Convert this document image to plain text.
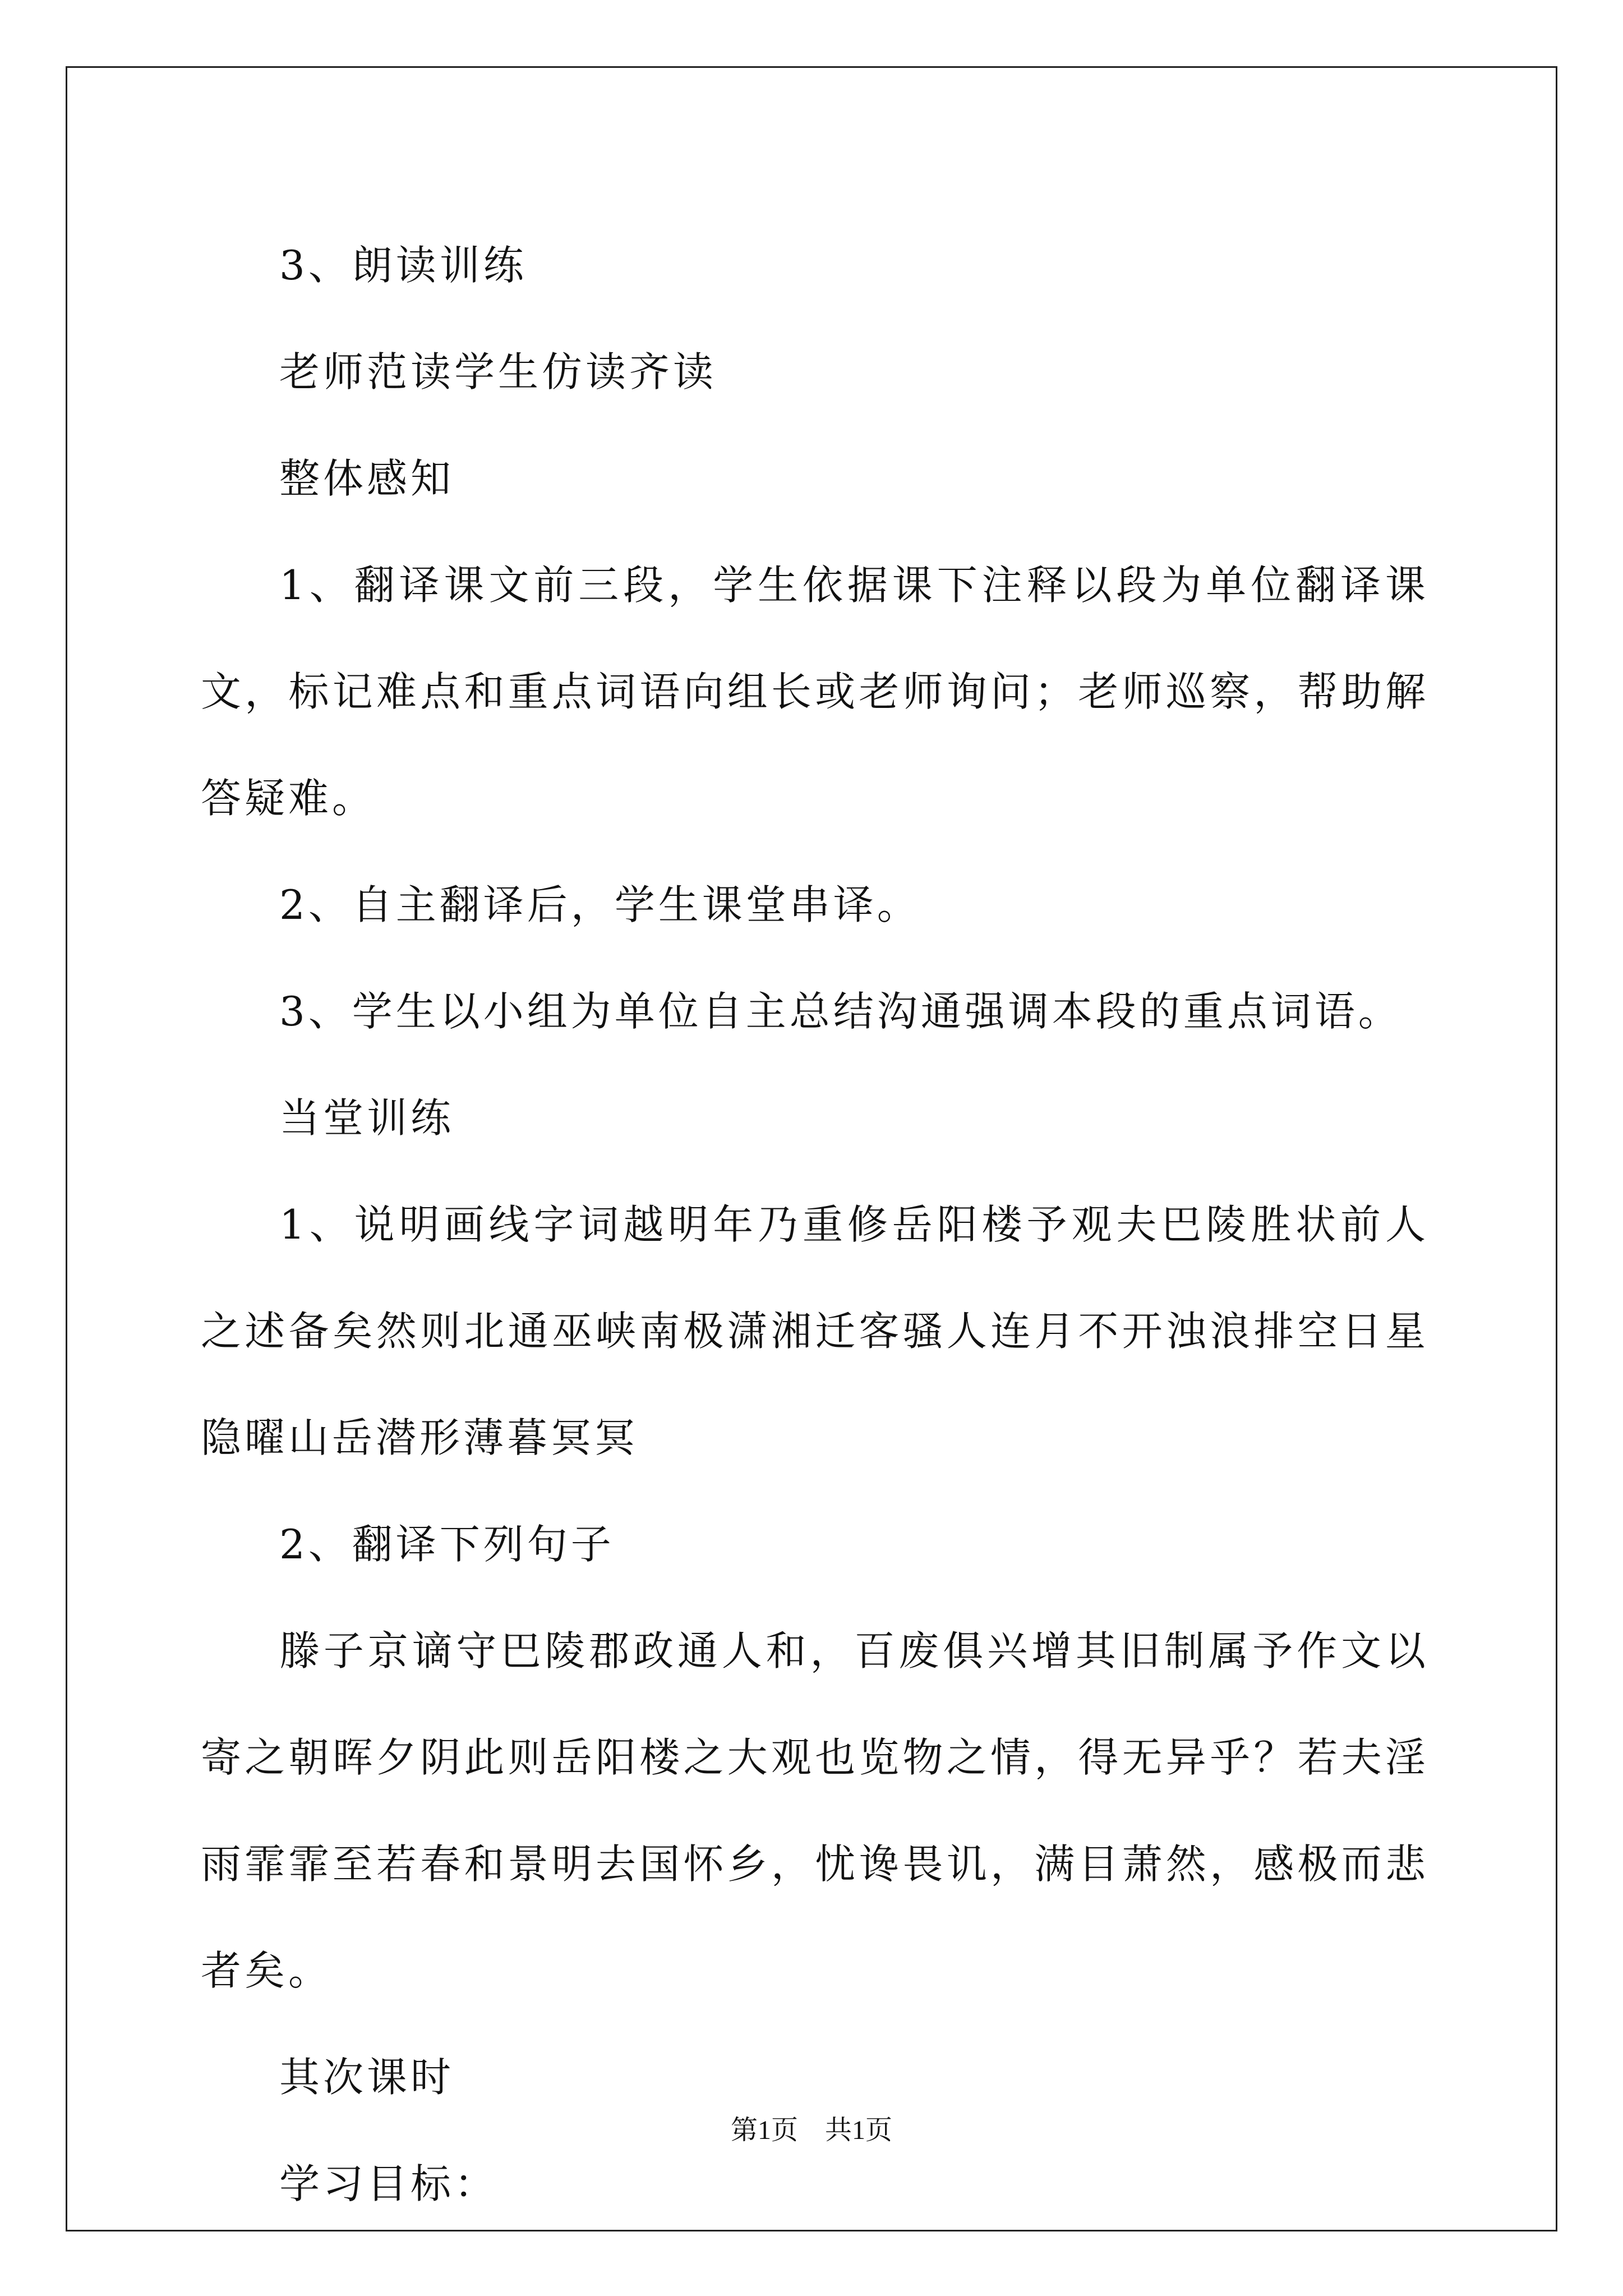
3、朗读训练

老师范读学生仿读齐读

整体感知

1、翻译课文前三段，学生依据课下注释以段为单位翻译课文，标记难点和重点词语向组长或老师询问；老师巡察，帮助解答疑难。

2、自主翻译后，学生课堂串译。

3、学生以小组为单位自主总结沟通强调本段的重点词语。

当堂训练

1、说明画线字词越明年乃重修岳阳楼予观夫巴陵胜状前人之述备矣然则北通巫峡南极潇湘迁客骚人连月不开浊浪排空日星隐曜山岳潜形薄暮冥冥

2、翻译下列句子

滕子京谪守巴陵郡政通人和，百废俱兴增其旧制属予作文以寄之朝晖夕阴此则岳阳楼之大观也览物之情，得无异乎？若夫淫雨霏霏至若春和景明去国怀乡，忧谗畏讥，满目萧然，感极而悲者矣。

其次课时

学习目标：

第1页　共1页
